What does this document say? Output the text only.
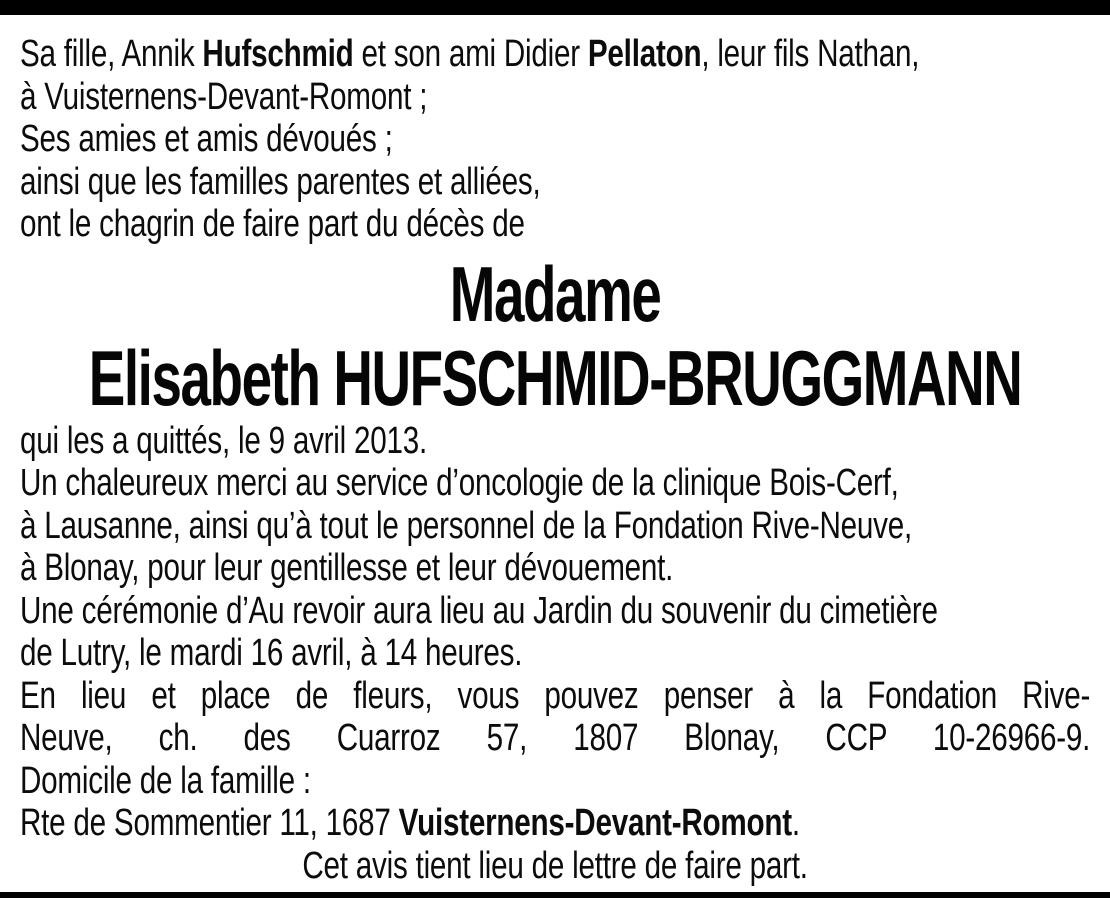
Sa fille, Annik Hufschmid et son ami Didier Pellaton, leur fils Nathan,
à Vuisternens-Devant-Romont ;
Ses amies et amis dévoués ;
ainsi que les familles parentes et alliées,
ont le chagrin de faire part du décès de
Madame
Elisabeth HUFSCHMID-BRUGGMANN
qui les a quittés, le 9 avril 2013.
Un chaleureux merci au service d’oncologie de la clinique Bois-Cerf,
à Lausanne, ainsi qu’à tout le personnel de la Fondation Rive-Neuve,
à Blonay, pour leur gentillesse et leur dévouement.
Une cérémonie d’Au revoir aura lieu au Jardin du souvenir du cimetière
de Lutry, le mardi 16 avril, à 14 heures.
En lieu et place de fleurs, vous pouvez penser à la Fondation Rive-
Neuve, ch. des Cuarroz 57, 1807 Blonay, CCP 10-26966-9.
Domicile de la famille :
Rte de Sommentier 11, 1687 Vuisternens-Devant-Romont.
Cet avis tient lieu de lettre de faire part.
